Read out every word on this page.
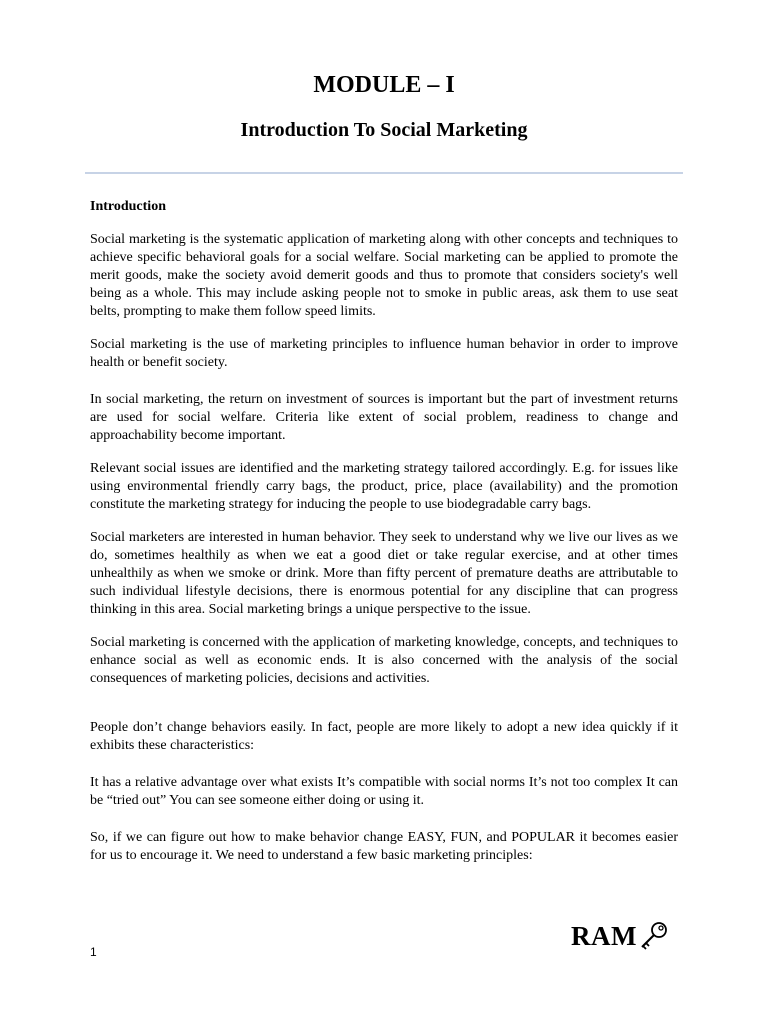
MODULE – I
Introduction To Social Marketing

Introduction

Social marketing is the systematic application of marketing along with other concepts and techniques to achieve specific behavioral goals for a social welfare. Social marketing can be applied to promote the merit goods, make the society avoid demerit goods and thus to promote that considers society's well being as a whole. This may include asking people not to smoke in public areas, ask them to use seat belts, prompting to make them follow speed limits.

Social marketing is the use of marketing principles to influence human behavior in order to improve health or benefit society.

In social marketing, the return on investment of sources is important but the part of investment returns are used for social welfare. Criteria like extent of social problem, readiness to change and approachability become important.

Relevant social issues are identified and the marketing strategy tailored accordingly. E.g. for issues like using environmental friendly carry bags, the product, price, place (availability) and the promotion constitute the marketing strategy for inducing the people to use biodegradable carry bags.

Social marketers are interested in human behavior. They seek to understand why we live our lives as we do, sometimes healthily as when we eat a good diet or take regular exercise, and at other times unhealthily as when we smoke or drink. More than fifty percent of premature deaths are attributable to such individual lifestyle decisions, there is enormous potential for any discipline that can progress thinking in this area. Social marketing brings a unique perspective to the issue.

Social marketing is concerned with the application of marketing knowledge, concepts, and techniques to enhance social as well as economic ends. It is also concerned with the analysis of the social consequences of marketing policies, decisions and activities.

People don’t change behaviors easily. In fact, people are more likely to adopt a new idea quickly if it exhibits these characteristics:

It has a relative advantage over what exists It’s compatible with social norms It’s not too complex It can be “tried out” You can see someone either doing or using it.

So, if we can figure out how to make behavior change EASY, FUN, and POPULAR it becomes easier for us to encourage it. We need to understand a few basic marketing principles:

1
RAM
